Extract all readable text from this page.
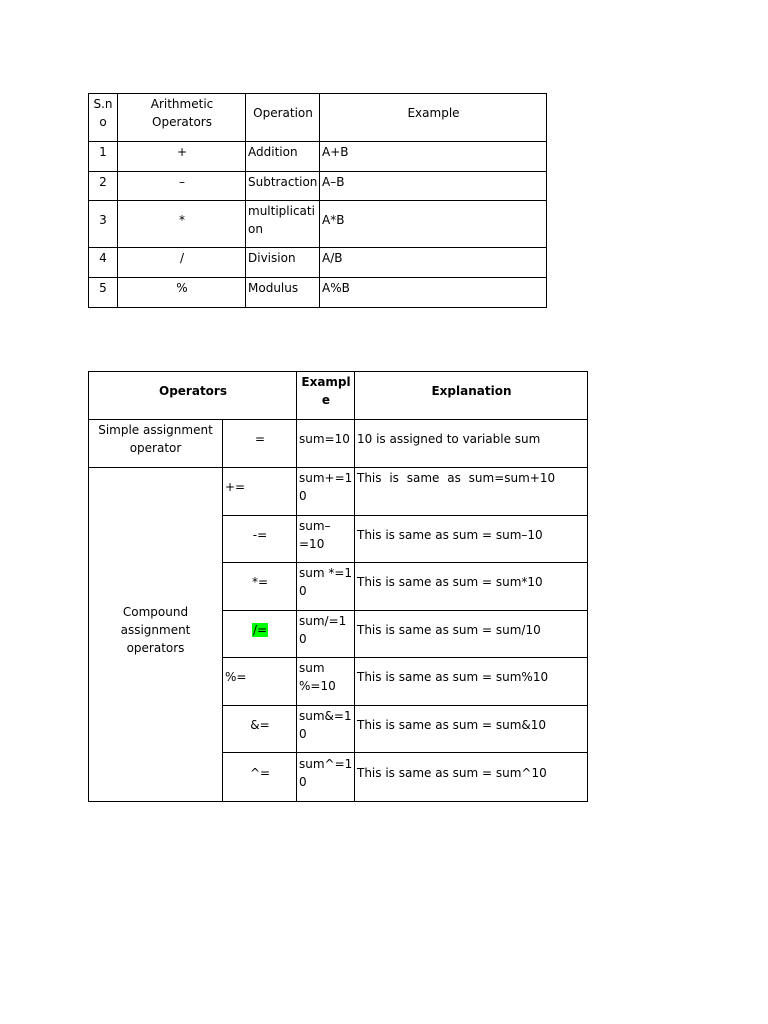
S.no	Arithmetic Operators	Operation	Example
1	+	Addition	A+B
2	–	Subtraction	A–B
3	*	multiplication	A*B
4	/	Division	A/B
5	%	Modulus	A%B
Operators		Example	Explanation
Simple assignment operator	=	sum=10	10 is assigned to variable sum
Compound assignment operators	+=	sum+=10	This is same as sum=sum+10
	-=	sum–=10	This is same as sum = sum–10
	*=	sum *=10	This is same as sum = sum*10
	/=	sum/=10	This is same as sum = sum/10
	%=	sum %=10	This is same as sum = sum%10
	&=	sum&=10	This is same as sum = sum&10
	^=	sum^=10	This is same as sum = sum^10
